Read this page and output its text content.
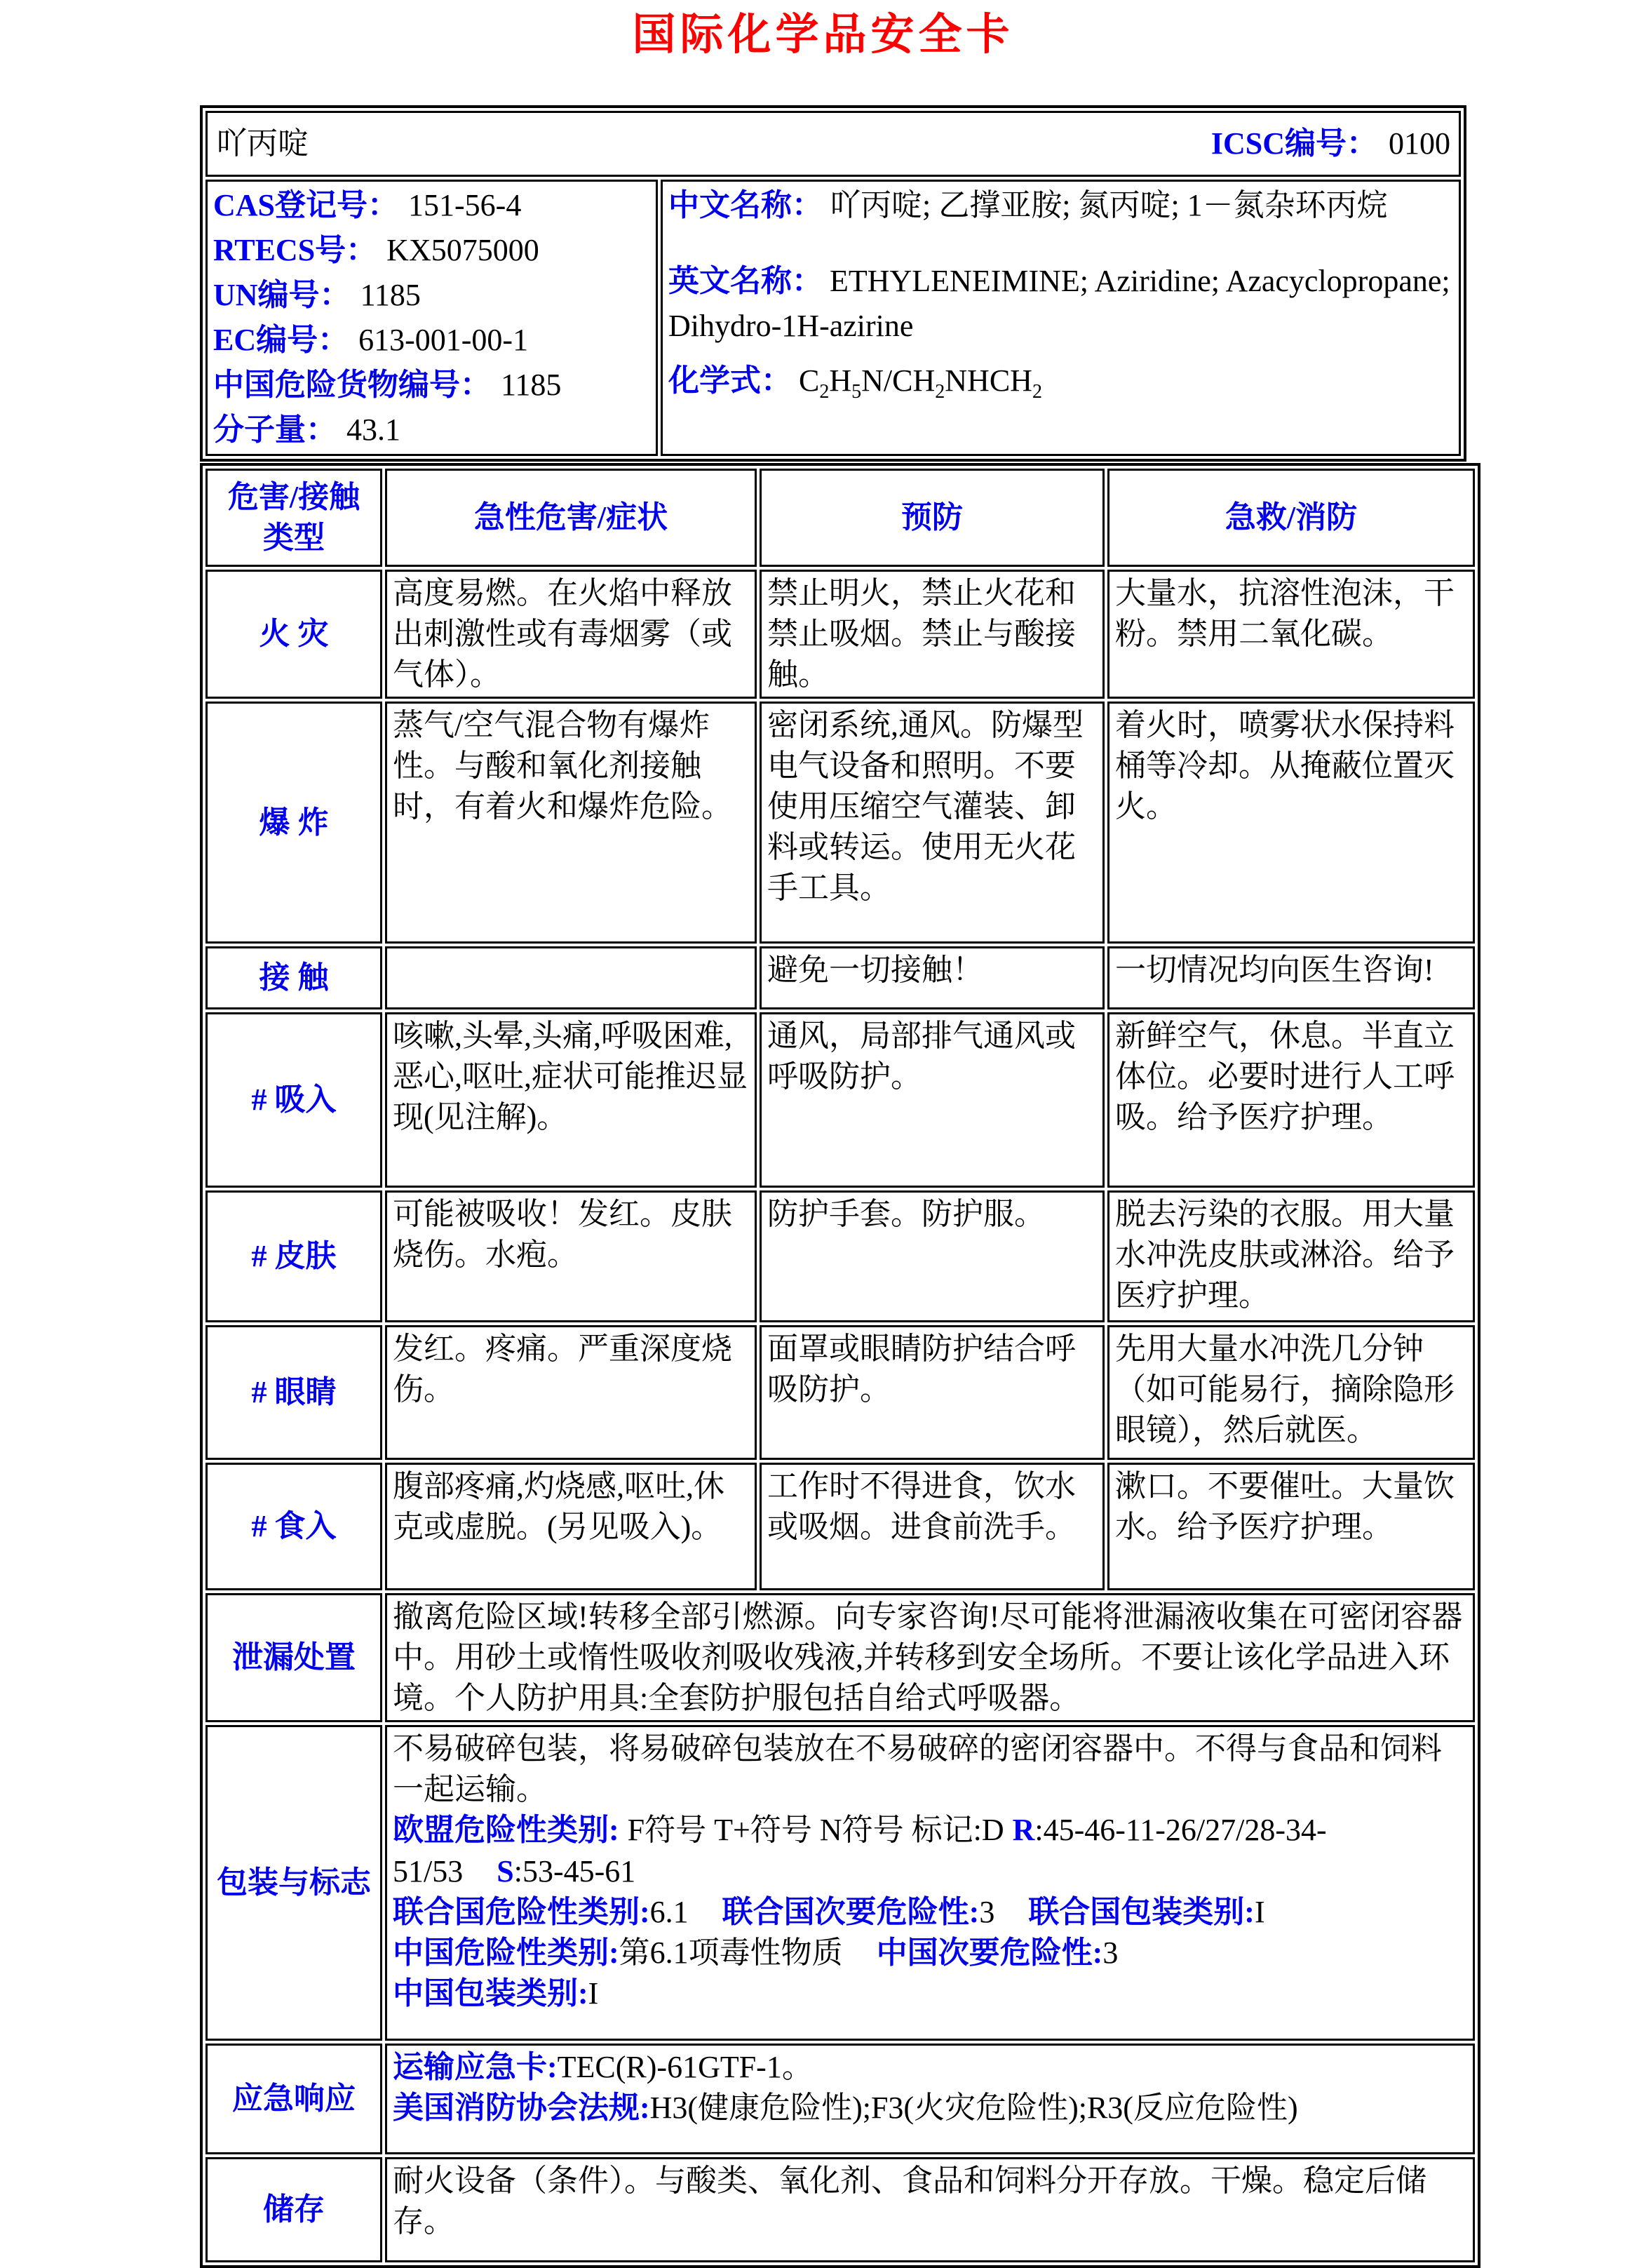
国际化学品安全卡
吖丙啶	ICSC编号： 0100

CAS登记号： 151-56-4
RTECS号： KX5075000
UN编号： 1185
EC编号： 613-001-00-1
中国危险货物编号： 1185
分子量： 43.1

中文名称： 吖丙啶; 乙撑亚胺; 氮丙啶; 1－氮杂环丙烷
英文名称： ETHYLENEIMINE; Aziridine; Azacyclopropane; Dihydro-1H-azirine
化学式： $C_2H_5N/CH_2NHCH_2$
危害/接触
类型	急性危害/症状	预防	急救/消防
火 灾	高度易燃。在火焰中释放出刺激性或有毒烟雾（或气体）。	禁止明火，禁止火花和禁止吸烟。禁止与酸接触。	大量水，抗溶性泡沫，干粉。禁用二氧化碳。
爆 炸	蒸气/空气混合物有爆炸性。与酸和氧化剂接触时，有着火和爆炸危险。	密闭系统,通风。防爆型电气设备和照明。不要使用压缩空气灌装、卸料或转运。使用无火花手工具。	着火时，喷雾状水保持料桶等冷却。从掩蔽位置灭火。
接 触		避免一切接触！	一切情况均向医生咨询!
# 吸入	咳嗽,头晕,头痛,呼吸困难,恶心,呕吐,症状可能推迟显现(见注解)。	通风，局部排气通风或呼吸防护。	新鲜空气，休息。半直立体位。必要时进行人工呼吸。给予医疗护理。
# 皮肤	可能被吸收！发红。皮肤烧伤。水疱。	防护手套。防护服。	脱去污染的衣服。用大量水冲洗皮肤或淋浴。给予医疗护理。
# 眼睛	发红。疼痛。严重深度烧伤。	面罩或眼睛防护结合呼吸防护。	先用大量水冲洗几分钟（如可能易行，摘除隐形眼镜），然后就医。
# 食入	腹部疼痛,灼烧感,呕吐,休克或虚脱。(另见吸入)。	工作时不得进食，饮水或吸烟。进食前洗手。	漱口。不要催吐。大量饮水。给予医疗护理。
泄漏处置	撤离危险区域!转移全部引燃源。向专家咨询!尽可能将泄漏液收集在可密闭容器中。用砂土或惰性吸收剂吸收残液,并转移到安全场所。不要让该化学品进入环境。个人防护用具:全套防护服包括自给式呼吸器。		
包装与标志	不易破碎包装，将易破碎包装放在不易破碎的密闭容器中。不得与食品和饲料一起运输。
欧盟危险性类别: F符号 T+符号 N符号 标记:D R:45-46-11-26/27/28-34-51/53 S:53-45-61
联合国危险性类别:6.1 联合国次要危险性:3 联合国包装类别:I
中国危险性类别:第6.1项毒性物质 中国次要危险性:3
中国包装类别:I		

应急响应	运输应急卡:TEC(R)-61GTF-1。
美国消防协会法规:H3(健康危险性);F3(火灾危险性);R3(反应危险性)		

储存	耐火设备（条件）。与酸类、氧化剂、食品和饲料分开存放。干燥。稳定后储存。		
